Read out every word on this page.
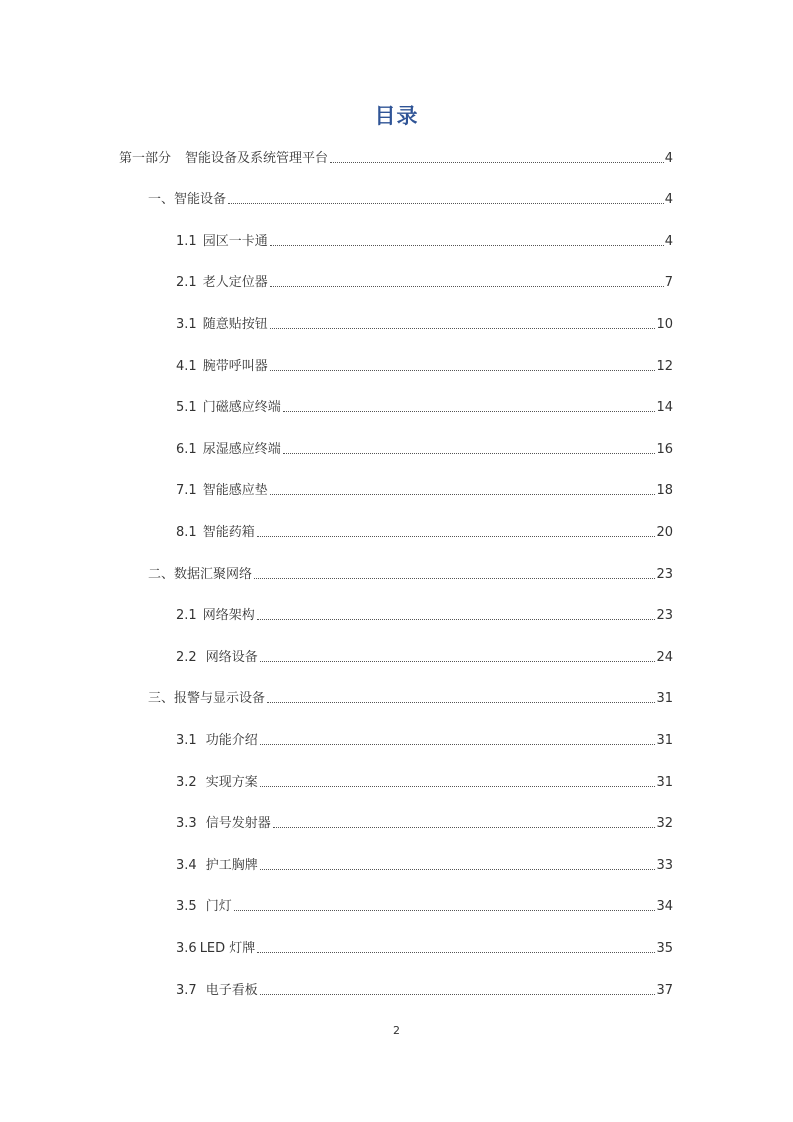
目录
第一部分 智能设备及系统管理平台	4
一、 智能设备	4
1.1 园区一卡通	4
2.1 老人定位器	7
3.1 随意贴按钮	10
4.1 腕带呼叫器	12
5.1 门磁感应终端	14
6.1 尿湿感应终端	16
7.1 智能感应垫	18
8.1 智能药箱	20
二、 数据汇聚网络	23
2.1 网络架构	23
2.2 网络设备	24
三、 报警与显示设备	31
3.1 功能介绍	31
3.2 实现方案	31
3.3 信号发射器	32
3.4 护工胸牌	33
3.5 门灯	34
3.6 LED 灯牌	35
3.7 电子看板	37
2
